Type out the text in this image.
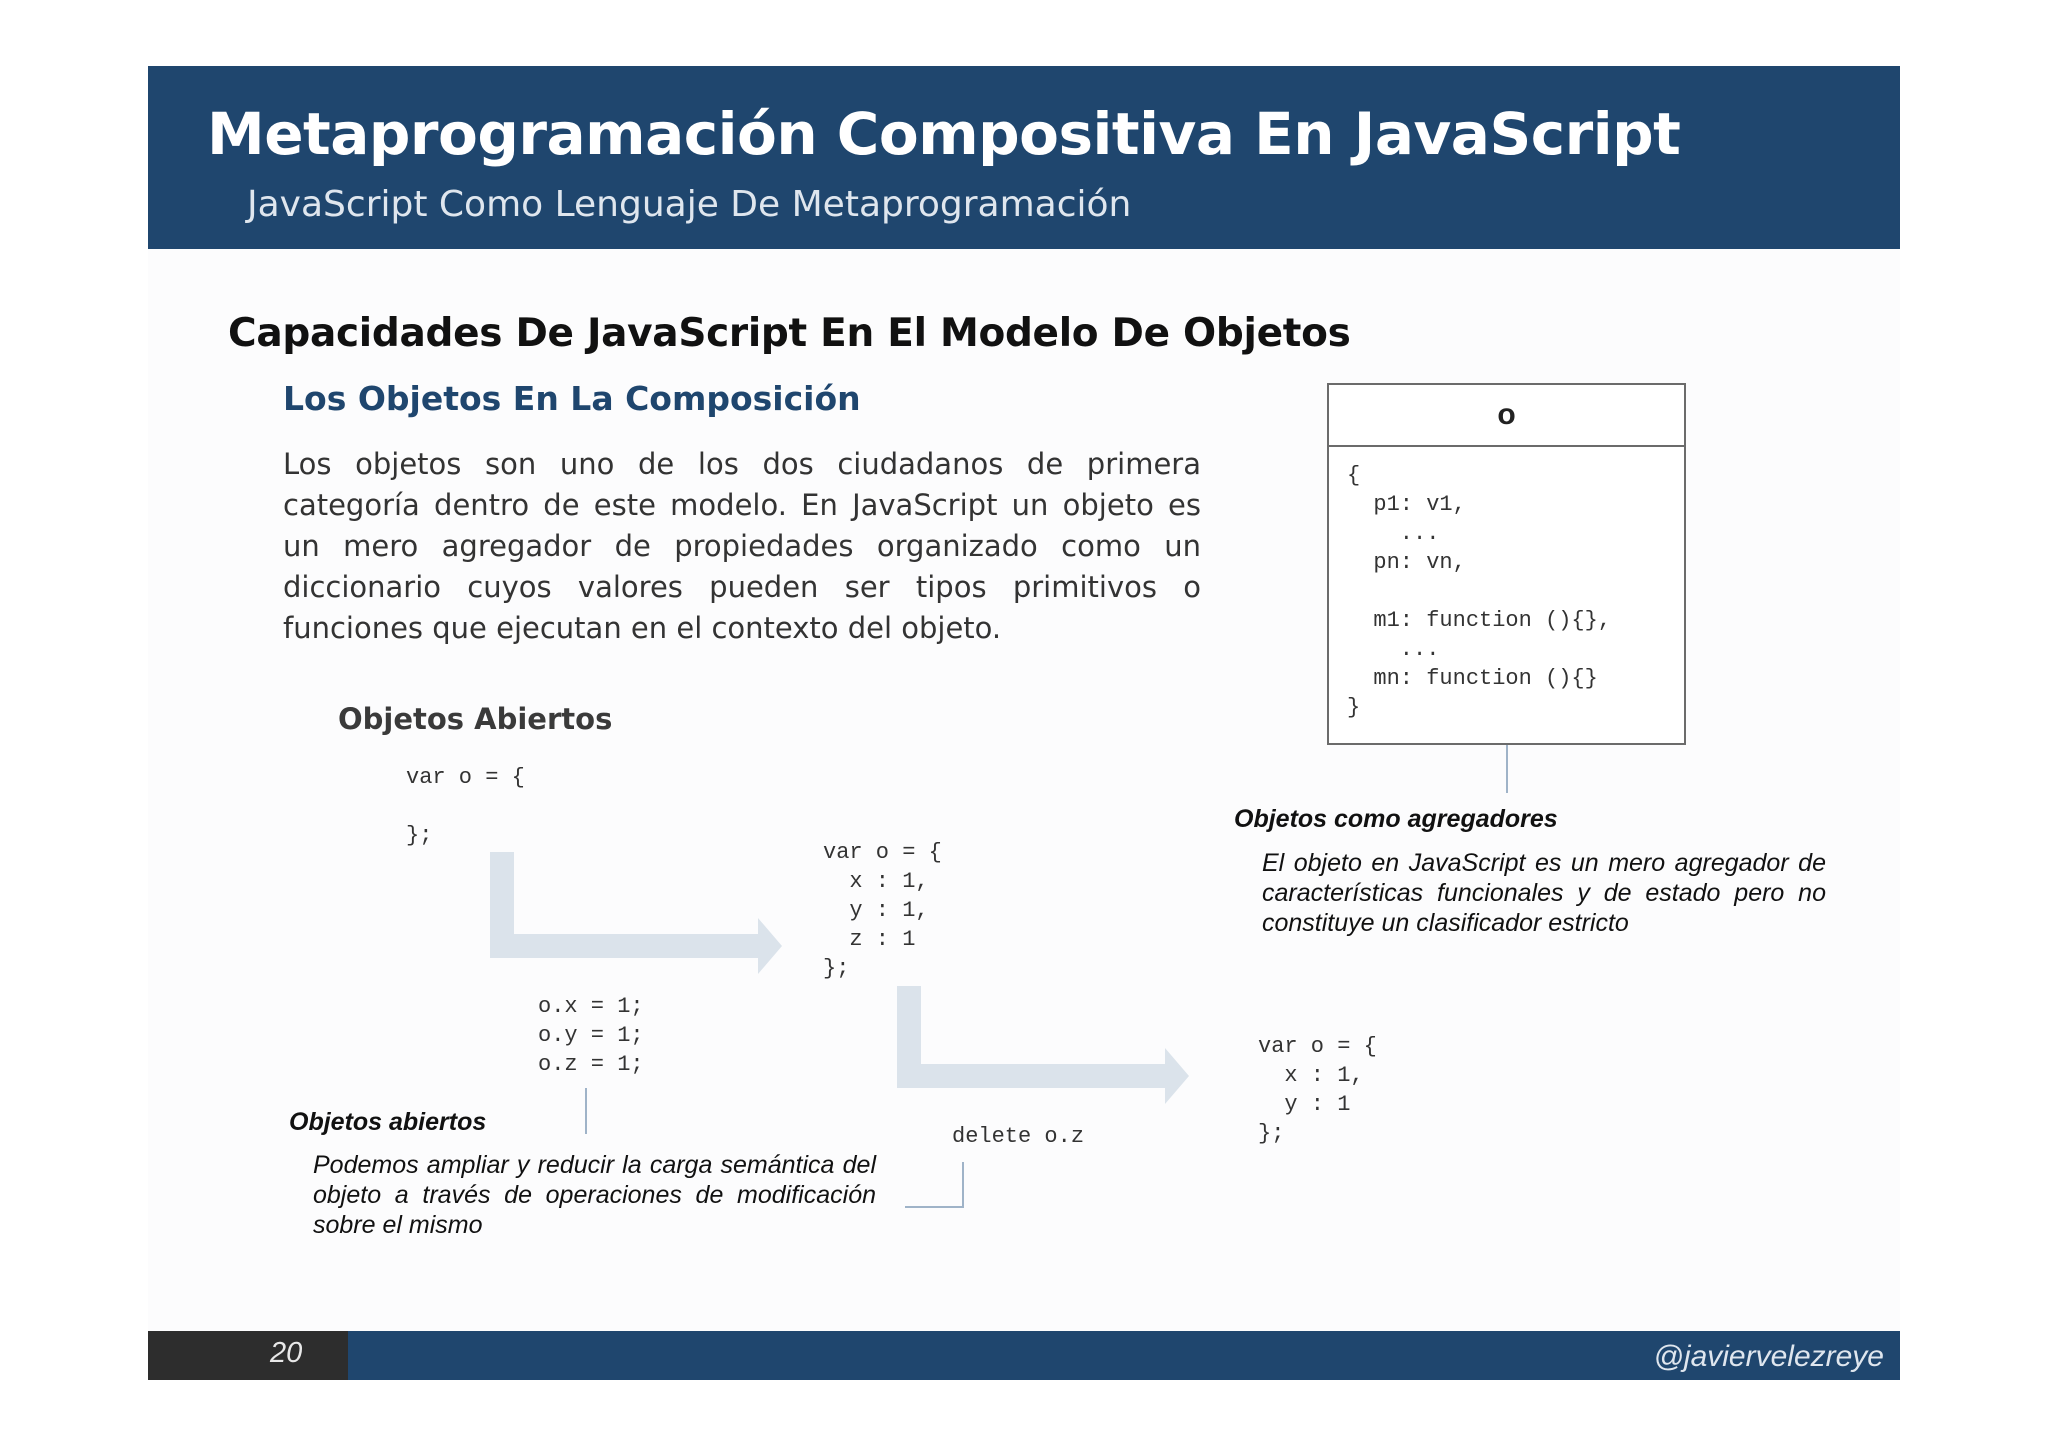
Metaprogramación Compositiva En JavaScript
JavaScript Como Lenguaje De Metaprogramación
Capacidades De JavaScript En El Modelo De Objetos
Los Objetos En La Composición
Los objetos son uno de los dos ciudadanos de primera categoría dentro de este modelo. En JavaScript un objeto es un mero agregador de propiedades organizado como un diccionario cuyos valores pueden ser tipos primitivos o funciones que ejecutan en el contexto del objeto.
Objetos Abiertos
var o = {

};
var o = {
x : 1,
y : 1,
z : 1
};
o.x = 1;
o.y = 1;
o.z = 1;
delete o.z
var o = {
x : 1,
y : 1
};
Objetos abiertos
Podemos ampliar y reducir la carga semántica del objeto a través de operaciones de modificación sobre el mismo
o
{
p1: v1,
...
pn: vn,

m1: function (){},
...
mn: function (){}
}
Objetos como agregadores
El objeto en JavaScript es un mero agregador de características funcionales y de estado pero no constituye un clasificador estricto
20	@javiervelezreye
